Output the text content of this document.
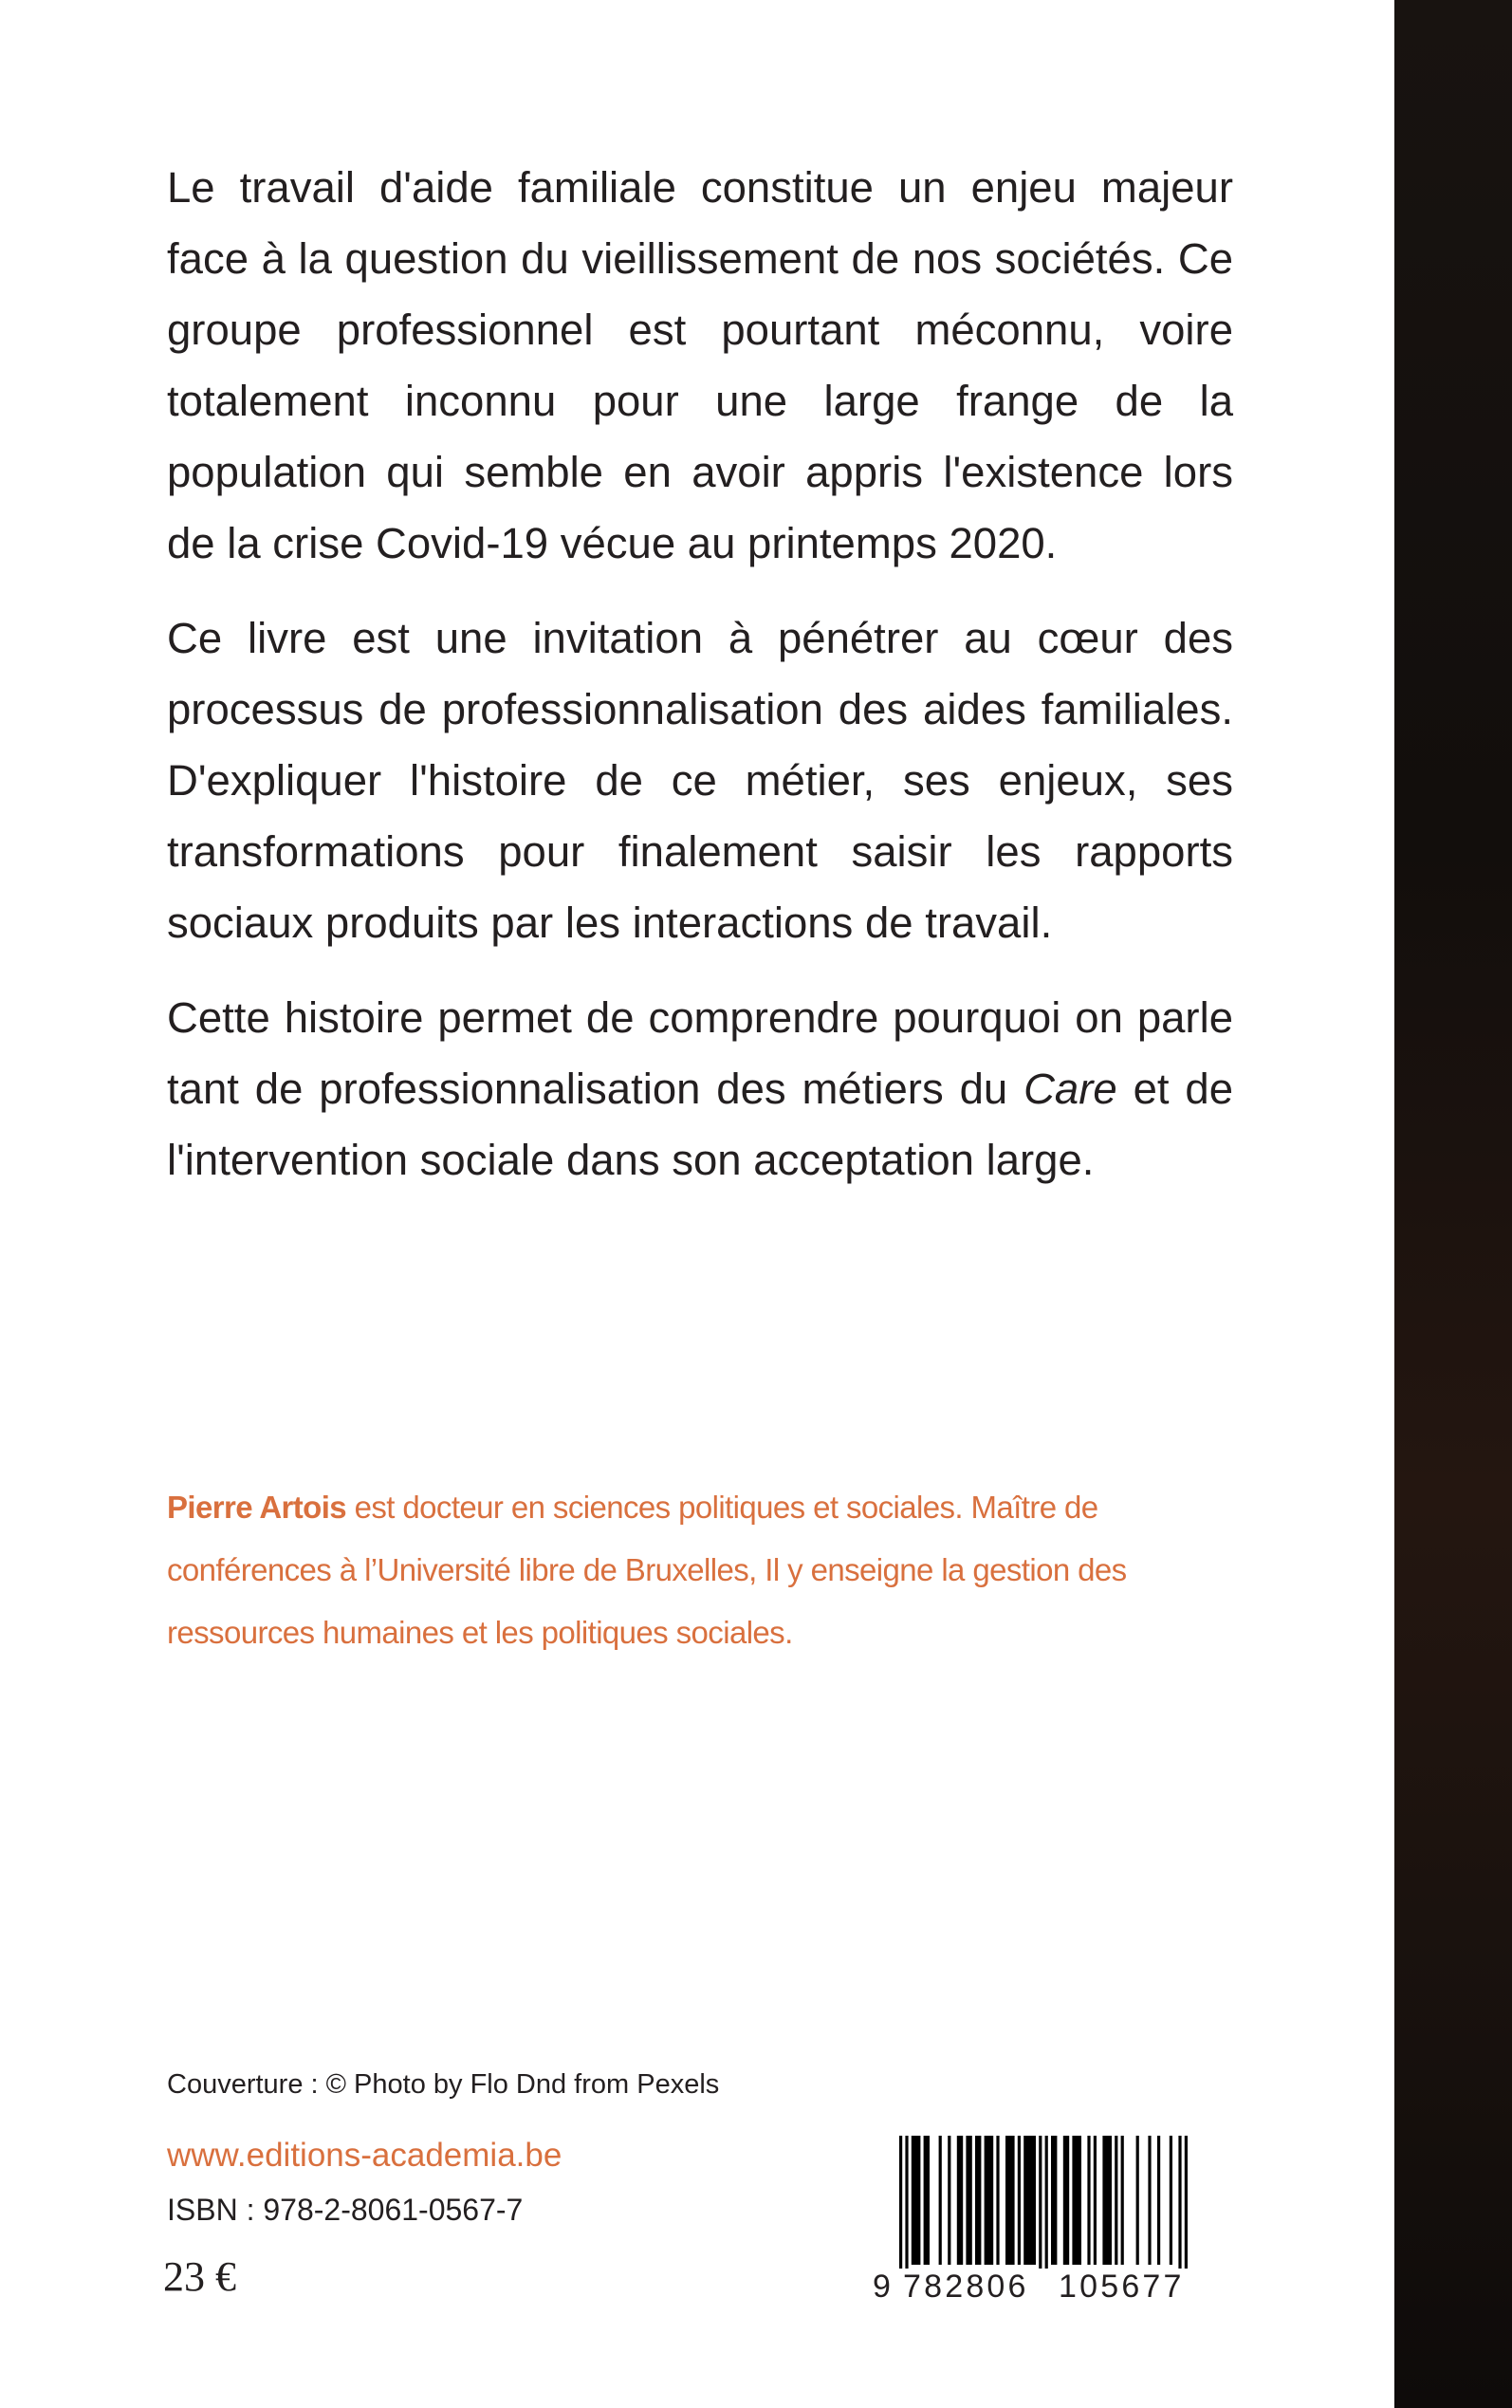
Le travail d'aide familiale constitue un enjeu majeur face à la question du vieillissement de nos sociétés. Ce groupe professionnel est pourtant méconnu, voire totalement inconnu pour une large frange de la population qui semble en avoir appris l'existence lors de la crise Covid-19 vécue au printemps 2020.

Ce livre est une invitation à pénétrer au cœur des processus de professionnalisation des aides familiales. D'expliquer l'histoire de ce métier, ses enjeux, ses transformations pour finalement saisir les rapports sociaux produits par les interactions de travail.

Cette histoire permet de comprendre pourquoi on parle tant de professionnalisation des métiers du Care et de l'intervention sociale dans son acceptation large.

Pierre Artois est docteur en sciences politiques et sociales. Maître de conférences à l’Université libre de Bruxelles, Il y enseigne la gestion des ressources humaines et les politiques sociales.
Couverture : © Photo by Flo Dnd from Pexels
www.editions-academia.be
ISBN : 978-2-8061-0567-7
23 €	9 782806 105677
